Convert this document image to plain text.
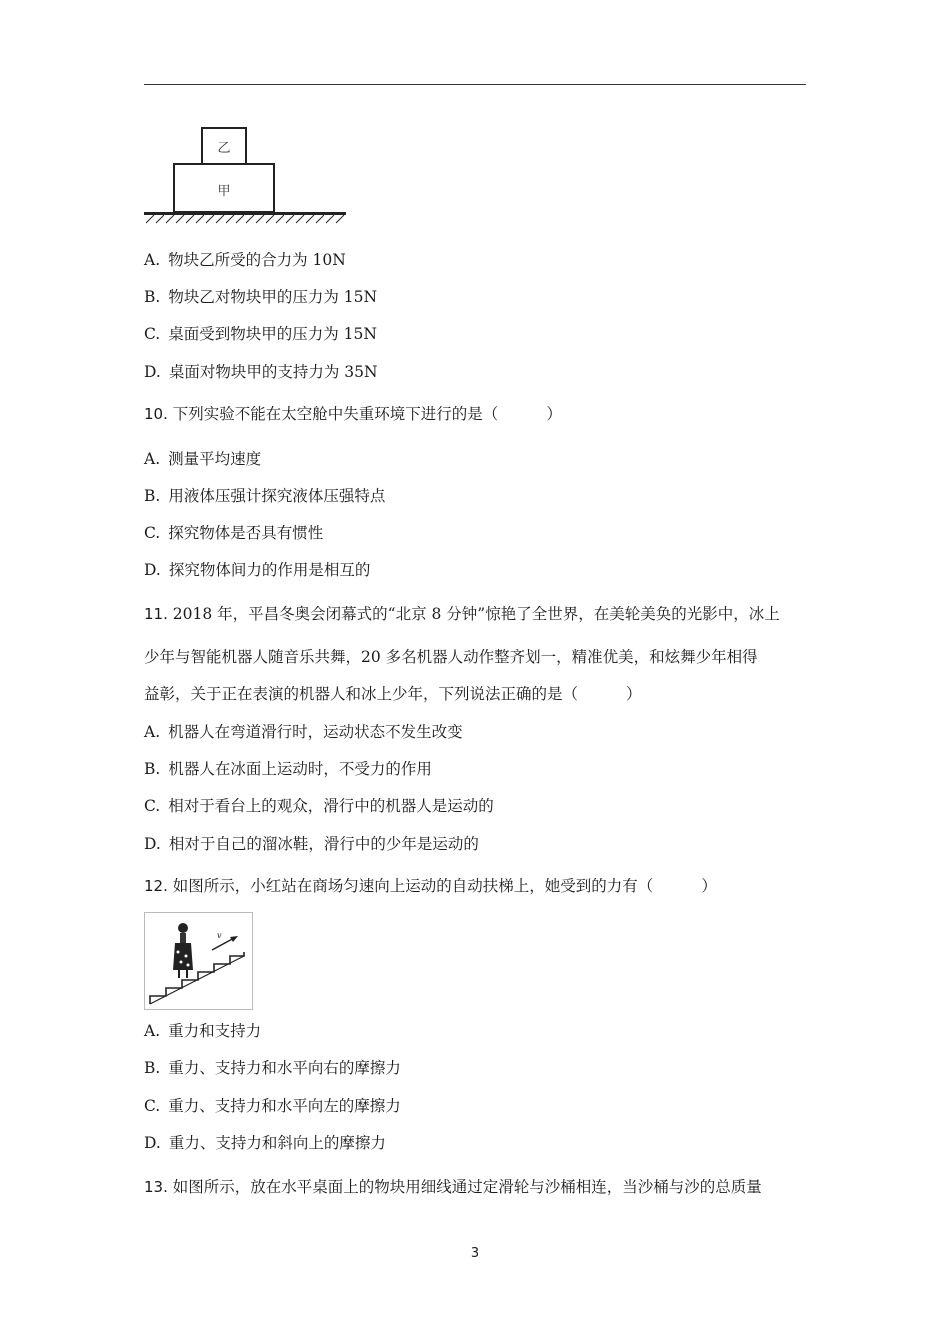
乙
甲
A. 物块乙所受的合力为 10N
B. 物块乙对物块甲的压力为 15N
C. 桌面受到物块甲的压力为 15N
D. 桌面对物块甲的支持力为 35N
10. 下列实验不能在太空舱中失重环境下进行的是（	）
A. 测量平均速度
B. 用液体压强计探究液体压强特点
C. 探究物体是否具有惯性
D. 探究物体间力的作用是相互的
11. 2018 年，平昌冬奥会闭幕式的“北京 8 分钟”惊艳了全世界，在美轮美奂的光影中，冰上
少年与智能机器人随音乐共舞，20 多名机器人动作整齐划一，精准优美，和炫舞少年相得
益彰，关于正在表演的机器人和冰上少年，下列说法正确的是（	）
A. 机器人在弯道滑行时，运动状态不发生改变
B. 机器人在冰面上运动时，不受力的作用
C. 相对于看台上的观众，滑行中的机器人是运动的
D. 相对于自己的溜冰鞋，滑行中的少年是运动的
12. 如图所示，小红站在商场匀速向上运动的自动扶梯上，她受到的力有（	）
v
A. 重力和支持力
B. 重力、支持力和水平向右的摩擦力
C. 重力、支持力和水平向左的摩擦力
D. 重力、支持力和斜向上的摩擦力
13. 如图所示，放在水平桌面上的物块用细线通过定滑轮与沙桶相连，当沙桶与沙的总质量
3
